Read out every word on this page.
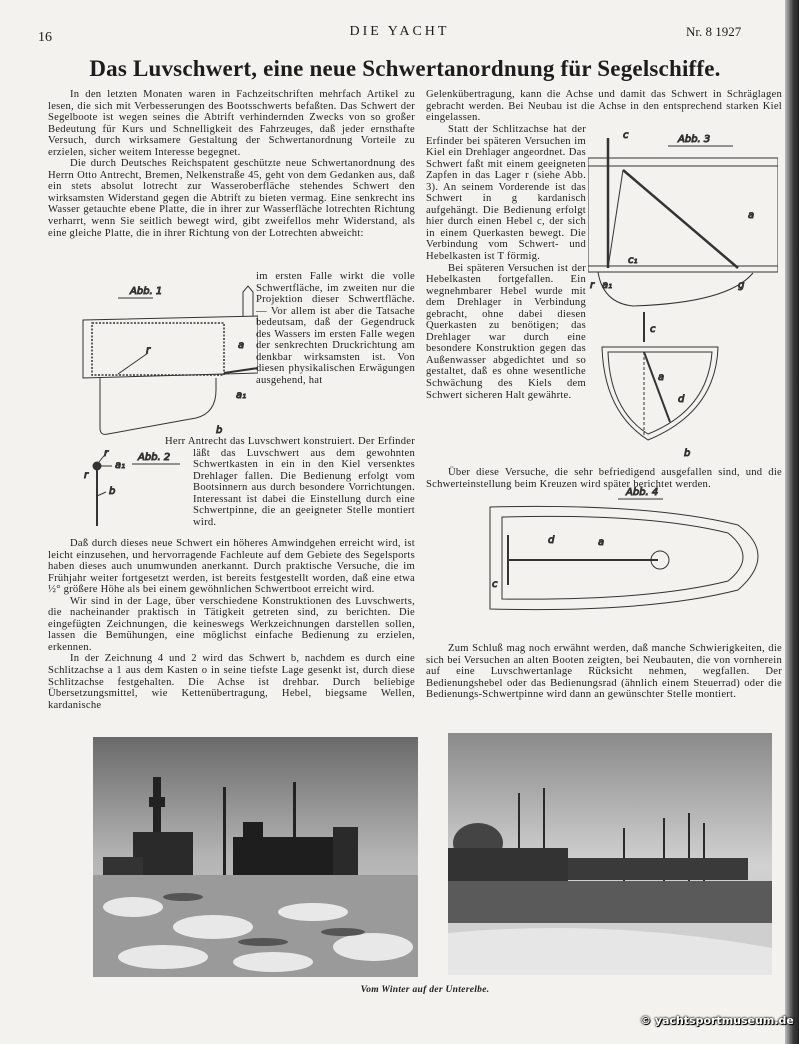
16	DIE YACHT	Nr. 8 1927
Das Luvschwert, eine neue Schwertanordnung für Segelschiffe.

In den letzten Monaten waren in Fachzeitschriften mehrfach Artikel zu lesen, die sich mit Verbesserungen des Bootsschwerts befaßten. Das Schwert der Segelboote ist wegen seines die Abtrift verhindernden Zwecks von so großer Bedeutung für Kurs und Schnelligkeit des Fahrzeuges, daß jeder ernsthafte Versuch, durch wirksamere Gestaltung der Schwertanordnung Vorteile zu erzielen, sicher weitem Interesse begegnet.

Die durch Deutsches Reichspatent geschützte neue Schwertanordnung des Herrn Otto Antrecht, Bremen, Nelkenstraße 45, geht von dem Gedanken aus, daß ein stets absolut lotrecht zur Wasseroberfläche stehendes Schwert den wirksamsten Widerstand gegen die Abtrift zu bieten vermag. Eine senkrecht ins Wasser getauchte ebene Platte, die in ihrer zur Wasserfläche lotrechten Richtung verharrt, wenn Sie seitlich bewegt wird, gibt zweifellos mehr Widerstand, als eine gleiche Platte, die in ihrer Richtung von der Lotrechten abweicht:

im ersten Falle wirkt die volle Schwertfläche, im zweiten nur die Projektion dieser Schwertfläche. — Vor allem ist aber die Tatsache bedeutsam, daß der Gegendruck des Wassers im ersten Falle wegen der senkrechten Druckrichtung am denkbar wirksamsten ist. Von diesen physikalischen Erwägungen ausgehend, hat

Herr Antrecht das Luvschwert konstruiert. Der Erfinder läßt das Luvschwert aus dem gewohnten Schwertkasten in ein in den Kiel versenktes Drehlager fallen. Die Bedienung erfolgt vom Bootsinnern aus durch besondere Vorrichtungen. Interessant ist dabei die Einstellung durch eine Schwertpinne, die an geeigneter Stelle montiert wird.

Daß durch dieses neue Schwert ein höheres Amwindgehen erreicht wird, ist leicht einzusehen, und hervorragende Fachleute auf dem Gebiete des Segelsports haben dieses auch unumwunden anerkannt. Durch praktische Versuche, die im Frühjahr weiter fortgesetzt werden, ist bereits festgestellt worden, daß eine etwa ½° größere Höhe als bei einem gewöhnlichen Schwertboot erreicht wird.

Wir sind in der Lage, über verschiedene Konstruktionen des Luvschwerts, die nacheinander praktisch in Tätigkeit getreten sind, zu berichten. Die eingefügten Zeichnungen, die keineswegs Werkzeichnungen darstellen sollen, lassen die Bemühungen, eine möglichst einfache Bedienung zu erzielen, erkennen.

In der Zeichnung 4 und 2 wird das Schwert b, nachdem es durch eine Schlitzachse a 1 aus dem Kasten o in seine tiefste Lage gesenkt ist, durch diese Schlitzachse festgehalten. Die Achse ist drehbar. Durch beliebige Übersetzungsmittel, wie Kettenübertragung, Hebel, biegsame Wellen, kardanische

Gelenkübertragung, kann die Achse und damit das Schwert in Schräglagen gebracht werden. Bei Neubau ist die Achse in den entsprechend starken Kiel eingelassen.

Statt der Schlitzachse hat der Erfinder bei späteren Versuchen im Kiel ein Drehlager angeordnet. Das Schwert faßt mit einem geeigneten Zapfen in das Lager r (siehe Abb. 3). An seinem Vorderende ist das Schwert in g kardanisch aufgehängt. Die Bedienung erfolgt hier durch einen Hebel c, der sich in einem Querkasten bewegt. Die Verbindung vom Schwert- und Hebelkasten ist T förmig.

Bei späteren Versuchen ist der Hebelkasten fortgefallen. Ein wegnehmbarer Hebel wurde mit dem Drehlager in Verbindung gebracht, ohne dabei diesen Querkasten zu benötigen; das Drehlager war durch eine besondere Konstruktion gegen das Außenwasser abgedichtet und so gestaltet, daß es ohne wesentliche Schwächung des Kiels dem Schwert sicheren Halt gewährte.

Über diese Versuche, die sehr befriedigend ausgefallen sind, und die Schwerteinstellung beim Kreuzen wird später berichtet werden.

Zum Schluß mag noch erwähnt werden, daß manche Schwierigkeiten, die sich bei Versuchen an alten Booten zeigten, bei Neubauten, die von vornherein auf eine Luvschwertanlage Rücksicht nehmen, wegfallen. Der Bedienungshebel oder das Bedienungsrad (ähnlich einem Steuerrad) oder die Bedienungs-Schwertpinne wird dann an gewünschter Stelle montiert.

Abb. 1
a
a₁
b
r
Abb. 2
a₁
r
r
b
Abb. 3
c
a
c₁
r a₁	g
c
d
a
b
Abb. 4
d	a
c
Vom Winter auf der Unterelbe.
© yachtsportmuseum.de
